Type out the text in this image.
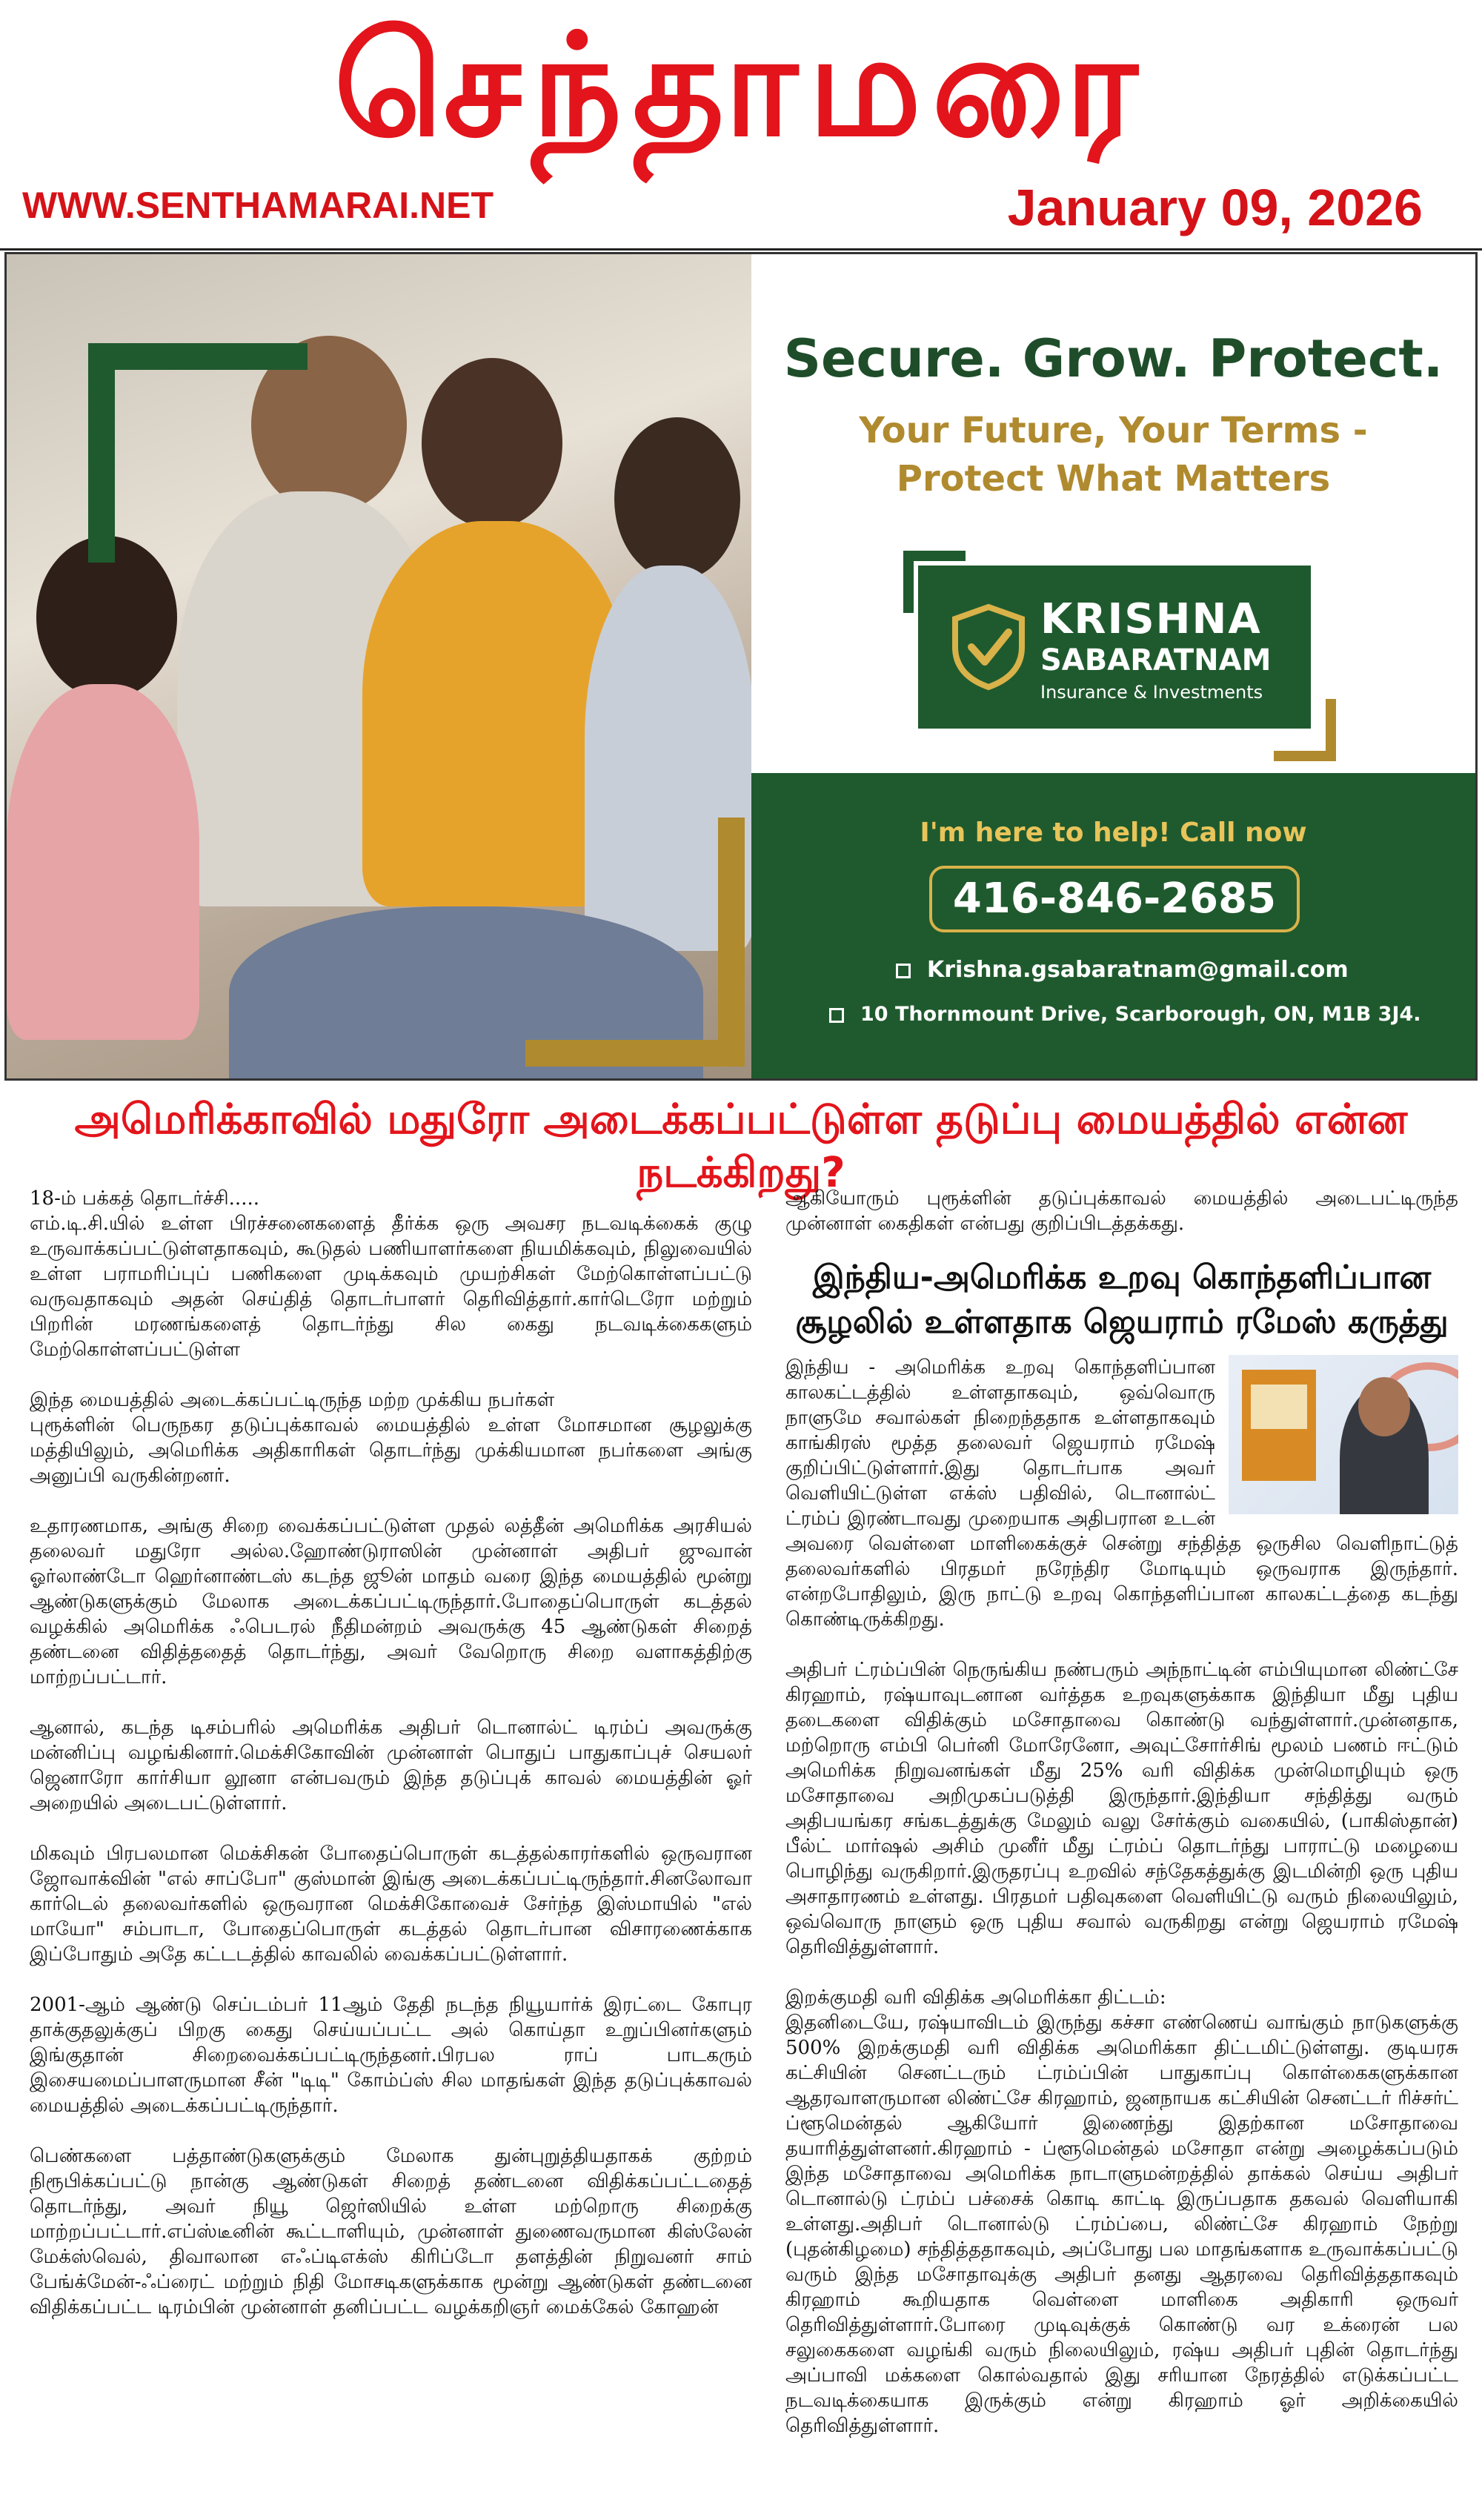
செந்தாமரை
WWW.SENTHAMARAI.NET	January 09, 2026
Secure. Grow. Protect.
Your Future, Your Terms -
Protect What Matters
KRISHNA
SABARATNAM
Insurance & Investments
I'm here to help! Call now
416-846-2685
Krishna.gsabaratnam@gmail.com
10 Thornmount Drive, Scarborough, ON, M1B 3J4.
அமெரிக்காவில் மதுரோ அடைக்கப்பட்டுள்ள தடுப்பு மையத்தில் என்ன நடக்கிறது?

18-ம் பக்கத் தொடர்ச்சி.....
எம்.டி.சி.யில் உள்ள பிரச்சனைகளைத் தீர்க்க ஒரு அவசர நடவடிக்கைக் குழு உருவாக்கப்பட்டுள்ளதாகவும், கூடுதல் பணியாளர்களை நியமிக்கவும், நிலுவையில் உள்ள பராமரிப்புப் பணிகளை முடிக்கவும் முயற்சிகள் மேற்கொள்ளப்பட்டு வருவதாகவும் அதன் செய்தித் தொடர்பாளர் தெரிவித்தார்.கார்டெரோ மற்றும் பிறரின் மரணங்களைத் தொடர்ந்து சில கைது நடவடிக்கைகளும் மேற்கொள்ளப்பட்டுள்ள

இந்த மையத்தில் அடைக்கப்பட்டிருந்த மற்ற முக்கிய நபர்கள்
புரூக்ளின் பெருநகர தடுப்புக்காவல் மையத்தில் உள்ள மோசமான சூழலுக்கு மத்தியிலும், அமெரிக்க அதிகாரிகள் தொடர்ந்து முக்கியமான நபர்களை அங்கு அனுப்பி வருகின்றனர்.

உதாரணமாக, அங்கு சிறை வைக்கப்பட்டுள்ள முதல் லத்தீன் அமெரிக்க அரசியல் தலைவர் மதுரோ அல்ல.ஹோண்டுராஸின் முன்னாள் அதிபர் ஜுவான் ஓர்லாண்டோ ஹெர்னாண்டஸ் கடந்த ஜூன் மாதம் வரை இந்த மையத்தில் மூன்று ஆண்டுகளுக்கும் மேலாக அடைக்கப்பட்டிருந்தார்.போதைப்பொருள் கடத்தல் வழக்கில் அமெரிக்க ஃபெடரல் நீதிமன்றம் அவருக்கு 45 ஆண்டுகள் சிறைத் தண்டனை விதித்ததைத் தொடர்ந்து, அவர் வேறொரு சிறை வளாகத்திற்கு மாற்றப்பட்டார்.

ஆனால், கடந்த டிசம்பரில் அமெரிக்க அதிபர் டொனால்ட் டிரம்ப் அவருக்கு மன்னிப்பு வழங்கினார்.மெக்சிகோவின் முன்னாள் பொதுப் பாதுகாப்புச் செயலர் ஜெனாரோ கார்சியா லூனா என்பவரும் இந்த தடுப்புக் காவல் மையத்தின் ஓர் அறையில் அடைபட்டுள்ளார்.

மிகவும் பிரபலமான மெக்சிகன் போதைப்பொருள் கடத்தல்காரர்களில் ஒருவரான ஜோவாக்வின் "எல் சாப்போ" குஸ்மான் இங்கு அடைக்கப்பட்டிருந்தார்.சினலோவா கார்டெல் தலைவர்களில் ஒருவரான மெக்சிகோவைச் சேர்ந்த இஸ்மாயில் "எல் மாயோ" சம்பாடா, போதைப்பொருள் கடத்தல் தொடர்பான விசாரணைக்காக இப்போதும் அதே கட்டடத்தில் காவலில் வைக்கப்பட்டுள்ளார்.

2001-ஆம் ஆண்டு செப்டம்பர் 11ஆம் தேதி நடந்த நியூயார்க் இரட்டை கோபுர தாக்குதலுக்குப் பிறகு கைது செய்யப்பட்ட அல் கொய்தா உறுப்பினர்களும் இங்குதான் சிறைவைக்கப்பட்டிருந்தனர்.பிரபல ராப் பாடகரும் இசையமைப்பாளருமான சீன் "டிடி" கோம்ப்ஸ் சில மாதங்கள் இந்த தடுப்புக்காவல் மையத்தில் அடைக்கப்பட்டிருந்தார்.

பெண்களை பத்தாண்டுகளுக்கும் மேலாக துன்புறுத்தியதாகக் குற்றம் நிரூபிக்கப்பட்டு நான்கு ஆண்டுகள் சிறைத் தண்டனை விதிக்கப்பட்டதைத் தொடர்ந்து, அவர் நியூ ஜெர்ஸியில் உள்ள மற்றொரு சிறைக்கு மாற்றப்பட்டார்.எப்ஸ்டீனின் கூட்டாளியும், முன்னாள் துணைவருமான கிஸ்லேன் மேக்ஸ்வெல், திவாலான எஃப்டிஎக்ஸ் கிரிப்டோ தளத்தின் நிறுவனர் சாம் பேங்க்மேன்-ஃப்ரைட் மற்றும் நிதி மோசடிகளுக்காக மூன்று ஆண்டுகள் தண்டனை விதிக்கப்பட்ட டிரம்பின் முன்னாள் தனிப்பட்ட வழக்கறிஞர் மைக்கேல் கோஹன்

ஆகியோரும் புரூக்ளின் தடுப்புக்காவல் மையத்தில் அடைபட்டிருந்த முன்னாள் கைதிகள் என்பது குறிப்பிடத்தக்கது.

இந்திய-அமெரிக்க உறவு கொந்தளிப்பான சூழலில் உள்ளதாக ஜெயராம் ரமேஸ் கருத்து

இந்திய - அமெரிக்க உறவு கொந்தளிப்பான காலகட்டத்தில் உள்ளதாகவும், ஒவ்வொரு நாளுமே சவால்கள் நிறைந்ததாக உள்ளதாகவும் காங்கிரஸ் மூத்த தலைவர் ஜெயராம் ரமேஷ் குறிப்பிட்டுள்ளார்.இது தொடர்பாக அவர் வெளியிட்டுள்ள எக்ஸ் பதிவில், டொனால்ட் ட்ரம்ப் இரண்டாவது முறையாக அதிபரான உடன் அவரை வெள்ளை மாளிகைக்குச் சென்று சந்தித்த ஒருசில வெளிநாட்டுத் தலைவர்களில் பிரதமர் நரேந்திர மோடியும் ஒருவராக இருந்தார். என்றபோதிலும், இரு நாட்டு உறவு கொந்தளிப்பான காலகட்டத்தை கடந்து கொண்டிருக்கிறது.

அதிபர் ட்ரம்ப்பின் நெருங்கிய நண்பரும் அந்நாட்டின் எம்பியுமான லிண்ட்சே கிரஹாம், ரஷ்யாவுடனான வர்த்தக உறவுகளுக்காக இந்தியா மீது புதிய தடைகளை விதிக்கும் மசோதாவை கொண்டு வந்துள்ளார்.முன்னதாக, மற்றொரு எம்பி பெர்னி மோரேனோ, அவுட்சோர்சிங் மூலம் பணம் ஈட்டும் அமெரிக்க நிறுவனங்கள் மீது 25% வரி விதிக்க முன்மொழியும் ஒரு மசோதாவை அறிமுகப்படுத்தி இருந்தார்.இந்தியா சந்தித்து வரும் அதிபயங்கர சங்கடத்துக்கு மேலும் வலு சேர்க்கும் வகையில், (பாகிஸ்தான்) பீல்ட் மார்ஷல் அசிம் முனீர் மீது ட்ரம்ப் தொடர்ந்து பாராட்டு மழையை பொழிந்து வருகிறார்.இருதரப்பு உறவில் சந்தேகத்துக்கு இடமின்றி ஒரு புதிய அசாதாரணம் உள்ளது. பிரதமர் பதிவுகளை வெளியிட்டு வரும் நிலையிலும், ஒவ்வொரு நாளும் ஒரு புதிய சவால் வருகிறது என்று ஜெயராம் ரமேஷ் தெரிவித்துள்ளார்.

இறக்குமதி வரி விதிக்க அமெரிக்கா திட்டம்:
இதனிடையே, ரஷ்யாவிடம் இருந்து கச்சா எண்ணெய் வாங்கும் நாடுகளுக்கு 500% இறக்குமதி வரி விதிக்க அமெரிக்கா திட்டமிட்டுள்ளது. குடியரசு கட்சியின் செனட்டரும் ட்ரம்ப்பின் பாதுகாப்பு கொள்கைகளுக்கான ஆதரவாளருமான லிண்ட்சே கிரஹாம், ஜனநாயக கட்சியின் செனட்டர் ரிச்சர்ட் ப்ளூமென்தல் ஆகியோர் இணைந்து இதற்கான மசோதாவை தயாரித்துள்ளனர்.கிரஹாம் - ப்ளூமென்தல் மசோதா என்று அழைக்கப்படும் இந்த மசோதாவை அமெரிக்க நாடாளுமன்றத்தில் தாக்கல் செய்ய அதிபர் டொனால்டு ட்ரம்ப் பச்சைக் கொடி காட்டி இருப்பதாக தகவல் வெளியாகி உள்ளது.அதிபர் டொனால்டு ட்ரம்ப்பை, லிண்ட்சே கிரஹாம் நேற்று (புதன்கிழமை) சந்தித்ததாகவும், அப்போது பல மாதங்களாக உருவாக்கப்பட்டு வரும் இந்த மசோதாவுக்கு அதிபர் தனது ஆதரவை தெரிவித்ததாகவும் கிரஹாம் கூறியதாக வெள்ளை மாளிகை அதிகாரி ஒருவர் தெரிவித்துள்ளார்.போரை முடிவுக்குக் கொண்டு வர உக்ரைன் பல சலுகைகளை வழங்கி வரும் நிலையிலும், ரஷ்ய அதிபர் புதின் தொடர்ந்து அப்பாவி மக்களை கொல்வதால் இது சரியான நேரத்தில் எடுக்கப்பட்ட நடவடிக்கையாக இருக்கும் என்று கிரஹாம் ஓர் அறிக்கையில் தெரிவித்துள்ளார்.
